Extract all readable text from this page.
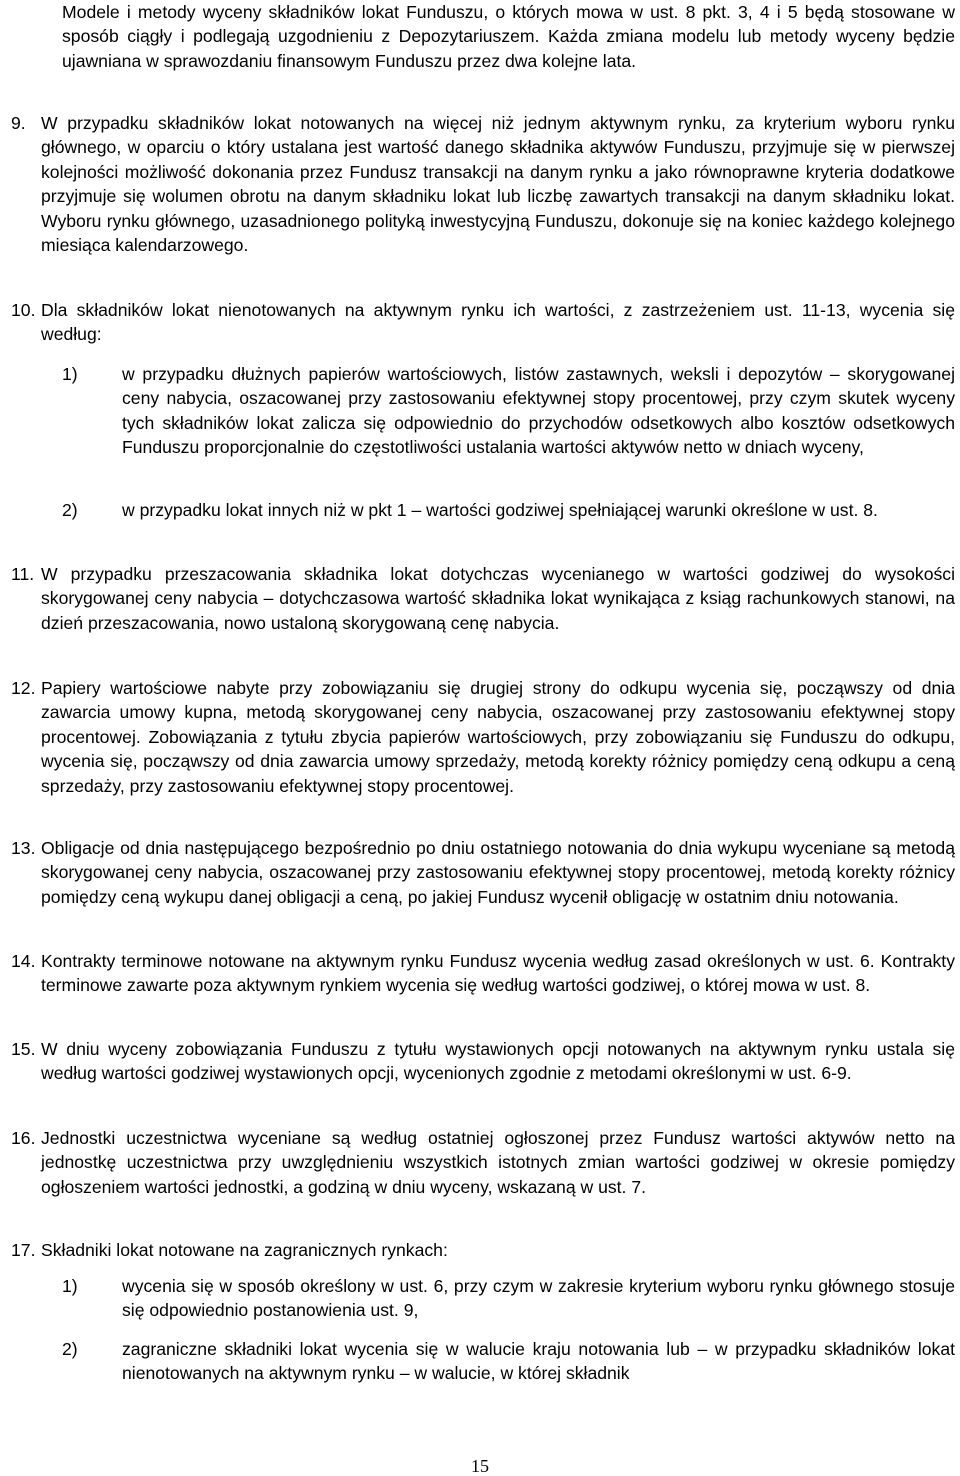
Modele i metody wyceny składników lokat Funduszu, o których mowa w ust. 8 pkt. 3, 4 i 5 będą stosowane w sposób ciągły i podlegają uzgodnieniu z Depozytariuszem. Każda zmiana modelu lub metody wyceny będzie ujawniana w sprawozdaniu finansowym Funduszu przez dwa kolejne lata.

9. W przypadku składników lokat notowanych na więcej niż jednym aktywnym rynku, za kryterium wyboru rynku głównego, w oparciu o który ustalana jest wartość danego składnika aktywów Funduszu, przyjmuje się w pierwszej kolejności możliwość dokonania przez Fundusz transakcji na danym rynku a jako równoprawne kryteria dodatkowe przyjmuje się wolumen obrotu na danym składniku lokat lub liczbę zawartych transakcji na danym składniku lokat. Wyboru rynku głównego, uzasadnionego polityką inwestycyjną Funduszu, dokonuje się na koniec każdego kolejnego miesiąca kalendarzowego.

10. Dla składników lokat nienotowanych na aktywnym rynku ich wartości, z zastrzeżeniem ust. 11-13, wycenia się według:

1)	w przypadku dłużnych papierów wartościowych, listów zastawnych, weksli i depozytów – skorygowanej ceny nabycia, oszacowanej przy zastosowaniu efektywnej stopy procentowej, przy czym skutek wyceny tych składników lokat zalicza się odpowiednio do przychodów odsetkowych albo kosztów odsetkowych Funduszu proporcjonalnie do częstotliwości ustalania wartości aktywów netto w dniach wyceny,

2)	w przypadku lokat innych niż w pkt 1 – wartości godziwej spełniającej warunki określone w ust. 8.

11. W przypadku przeszacowania składnika lokat dotychczas wycenianego w wartości godziwej do wysokości skorygowanej ceny nabycia – dotychczasowa wartość składnika lokat wynikająca z ksiąg rachunkowych stanowi, na dzień przeszacowania, nowo ustaloną skorygowaną cenę nabycia.

12. Papiery wartościowe nabyte przy zobowiązaniu się drugiej strony do odkupu wycenia się, począwszy od dnia zawarcia umowy kupna, metodą skorygowanej ceny nabycia, oszacowanej przy zastosowaniu efektywnej stopy procentowej. Zobowiązania z tytułu zbycia papierów wartościowych, przy zobowiązaniu się Funduszu do odkupu, wycenia się, począwszy od dnia zawarcia umowy sprzedaży, metodą korekty różnicy pomiędzy ceną odkupu a ceną sprzedaży, przy zastosowaniu efektywnej stopy procentowej.

13. Obligacje od dnia następującego bezpośrednio po dniu ostatniego notowania do dnia wykupu wyceniane są metodą skorygowanej ceny nabycia, oszacowanej przy zastosowaniu efektywnej stopy procentowej, metodą korekty różnicy pomiędzy ceną wykupu danej obligacji a ceną, po jakiej Fundusz wycenił obligację w ostatnim dniu notowania.

14. Kontrakty terminowe notowane na aktywnym rynku Fundusz wycenia według zasad określonych w ust. 6. Kontrakty terminowe zawarte poza aktywnym rynkiem wycenia się według wartości godziwej, o której mowa w ust. 8.

15. W dniu wyceny zobowiązania Funduszu z tytułu wystawionych opcji notowanych na aktywnym rynku ustala się według wartości godziwej wystawionych opcji, wycenionych zgodnie z metodami określonymi w ust. 6-9.

16. Jednostki uczestnictwa wyceniane są według ostatniej ogłoszonej przez Fundusz wartości aktywów netto na jednostkę uczestnictwa przy uwzględnieniu wszystkich istotnych zmian wartości godziwej w okresie pomiędzy ogłoszeniem wartości jednostki, a godziną w dniu wyceny, wskazaną w ust. 7.

17. Składniki lokat notowane na zagranicznych rynkach:

1)	wycenia się w sposób określony w ust. 6, przy czym w zakresie kryterium wyboru rynku głównego stosuje się odpowiednio postanowienia ust. 9,

2)	zagraniczne składniki lokat wycenia się w walucie kraju notowania lub – w przypadku składników lokat nienotowanych na aktywnym rynku – w walucie, w której składnik

15
